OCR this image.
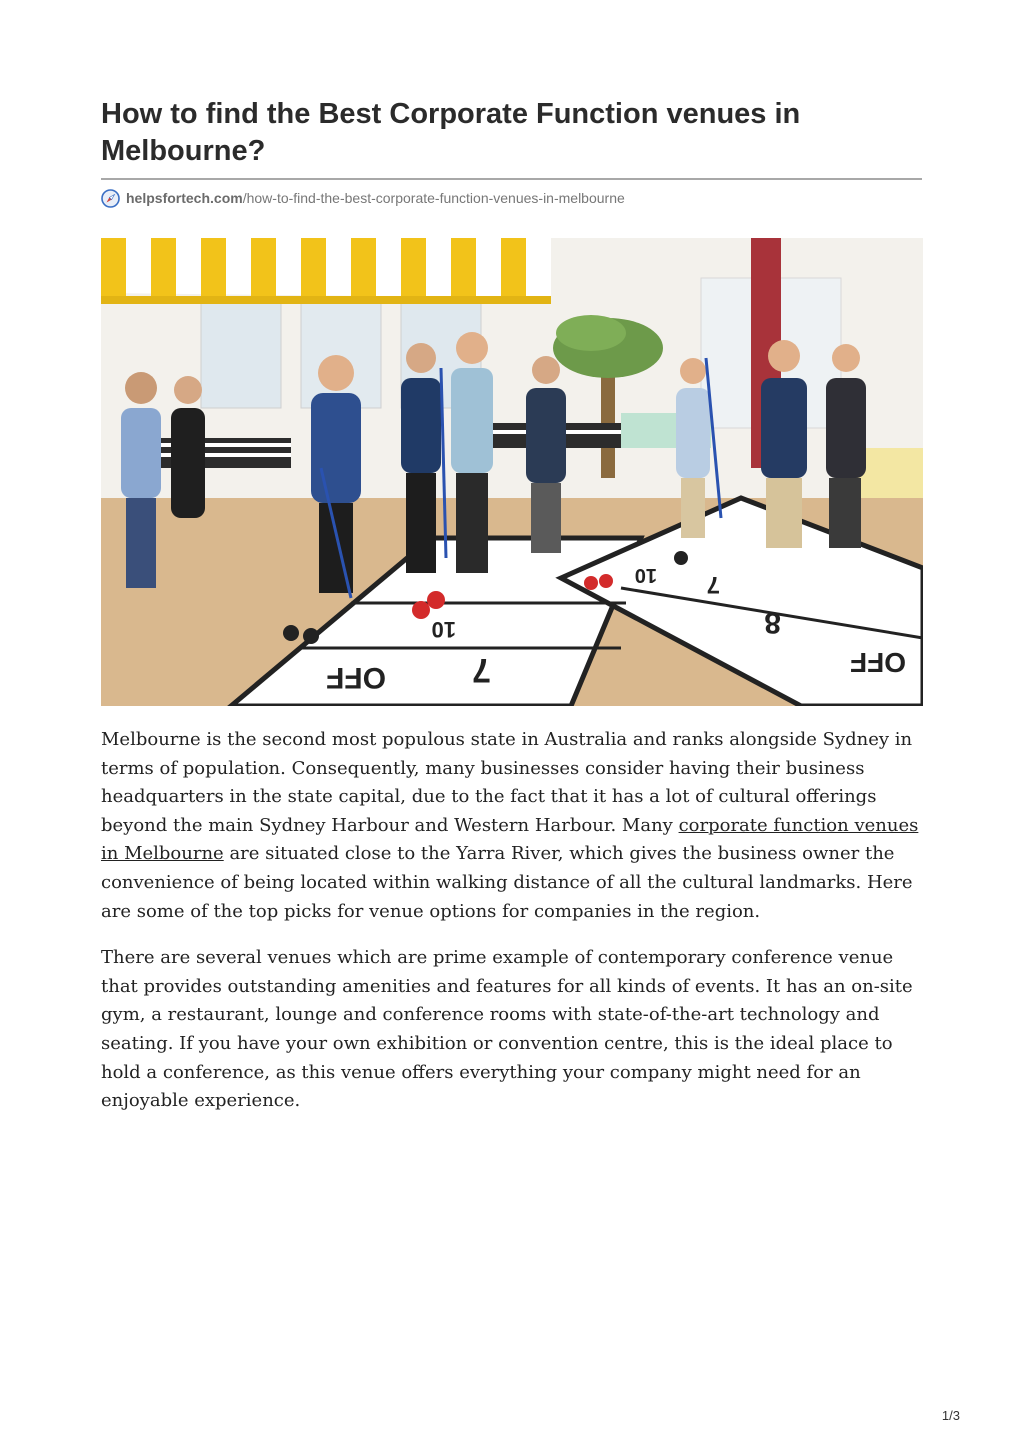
How to find the Best Corporate Function venues in Melbourne?
helpsfortech.com /how-to-find-the-best-corporate-function-venues-in-melbourne
OFF
10
7
8
7
10
OFF

Melbourne is the second most populous state in Australia and ranks alongside Sydney in terms of population. Consequently, many businesses consider having their business headquarters in the state capital, due to the fact that it has a lot of cultural offerings beyond the main Sydney Harbour and Western Harbour. Many corporate function venues in Melbourne are situated close to the Yarra River, which gives the business owner the convenience of being located within walking distance of all the cultural landmarks. Here are some of the top picks for venue options for companies in the region.

There are several venues which are prime example of contemporary conference venue that provides outstanding amenities and features for all kinds of events. It has an on-site gym, a restaurant, lounge and conference rooms with state-of-the-art technology and seating. If you have your own exhibition or convention centre, this is the ideal place to hold a conference, as this venue offers everything your company might need for an enjoyable experience.

1/3
